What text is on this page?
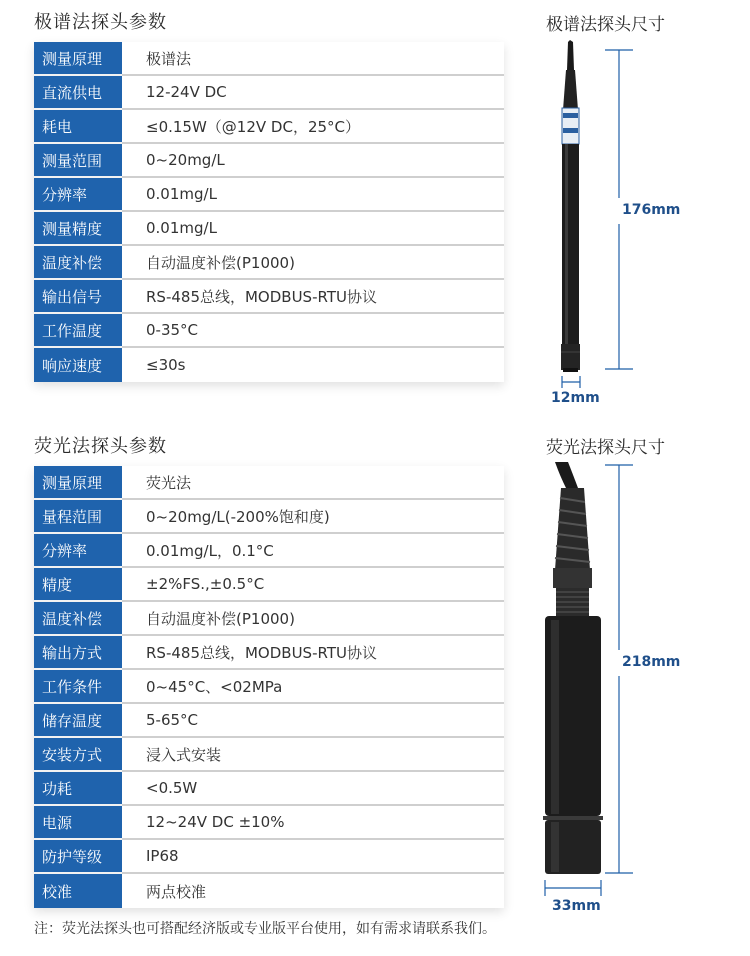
极谱法探头参数
测量原理	极谱法
直流供电	12-24V DC
耗电	≤0.15W（@12V DC，25°C）
测量范围	0~20mg/L
分辨率	0.01mg/L
测量精度	0.01mg/L
温度补偿	自动温度补偿(P1000)
输出信号	RS-485总线，MODBUS-RTU协议
工作温度	0-35°C
响应速度	≤30s
极谱法探头尺寸
176mm
12mm
荧光法探头参数
测量原理	荧光法
量程范围	0~20mg/L(-200%饱和度)
分辨率	0.01mg/L，0.1°C
精度	±2%FS.,±0.5°C
温度补偿	自动温度补偿(P1000)
输出方式	RS-485总线，MODBUS-RTU协议
工作条件	0~45°C、<02MPa
储存温度	5-65°C
安装方式	浸入式安装
功耗	<0.5W
电源	12~24V DC ±10%
防护等级	IP68
校准	两点校准
荧光法探头尺寸
218mm
33mm
注：荧光法探头也可搭配经济版或专业版平台使用，如有需求请联系我们。
